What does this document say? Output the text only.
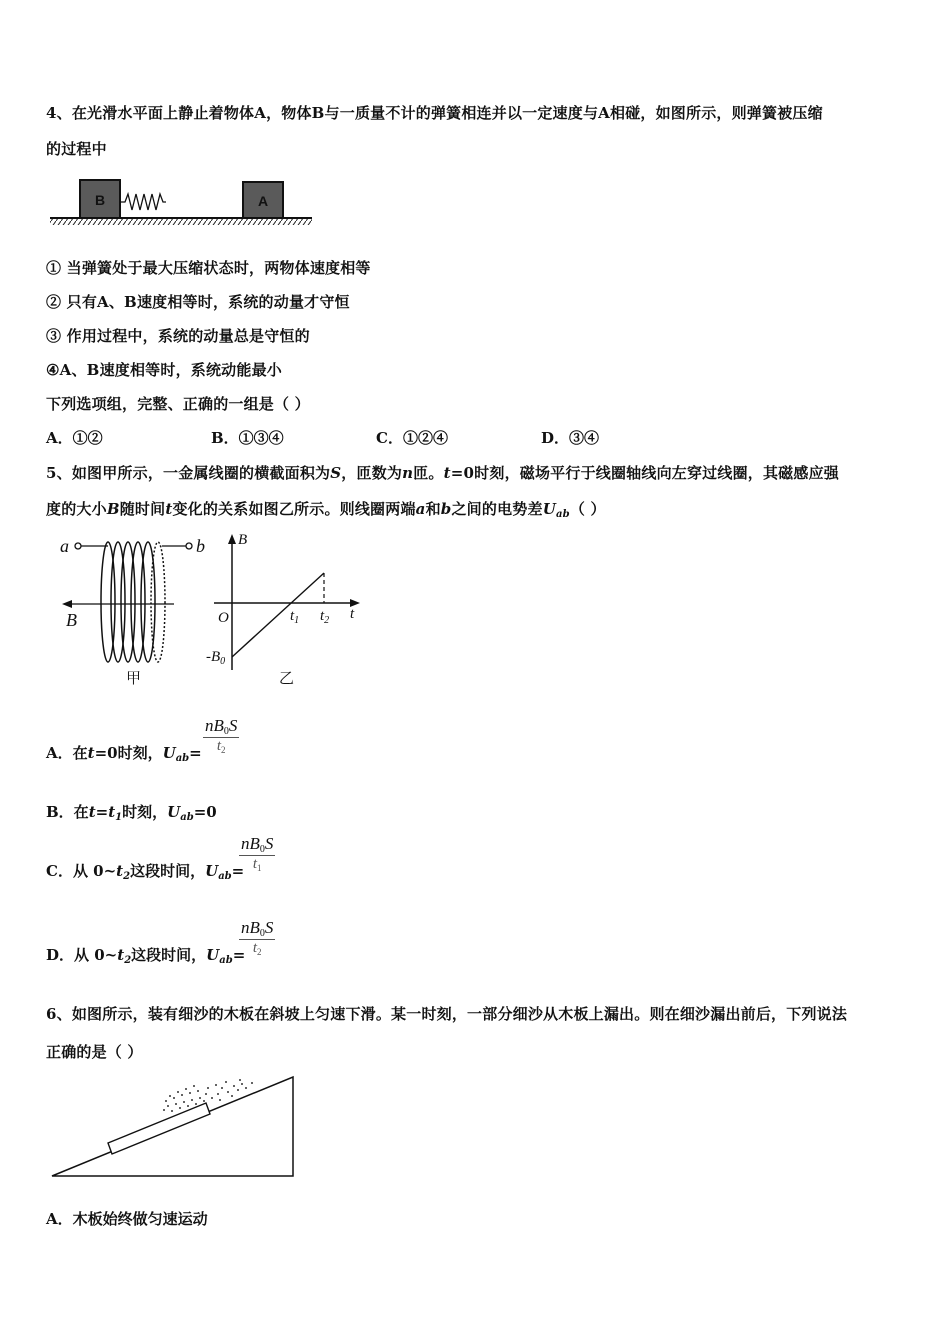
4、在光滑水平面上静止着物体A，物体B与一质量不计的弹簧相连并以一定速度与A相碰，如图所示，则弹簧被压缩
的过程中
B	A
① 当弹簧处于最大压缩状态时，两物体速度相等
② 只有A、B速度相等时，系统的动量才守恒
③ 作用过程中，系统的动量总是守恒的
④A、B速度相等时，系统动能最小
下列选项组，完整、正确的一组是（ ）
A．①②	B．①③④	C．①②④	D．③④
5、如图甲所示，一金属线圈的横截面积为S，匝数为n匝。t=0时刻，磁场平行于线圈轴线向左穿过线圈，其磁感应强
度的大小B随时间t变化的关系如图乙所示。则线圈两端a和b之间的电势差$U_{ab}$（ ）
a	b
B
甲
B
t
O
$-B_0$
$t_1$ $t_2$
乙
A．在t=0时刻，$U_{ab}= \frac{nB0S}{t_2}$
B．在$t=t_1$时刻，$U_{ab}=0$
C．从 $0\sim t_2$这段时间，$U_{ab}=$
$\frac{nB0S}{t_1}$
D．从 $0\sim t_2$这段时间，$U_{ab}=$
$\frac{nB0S}{t_2}$
6、如图所示，装有细沙的木板在斜坡上匀速下滑。某一时刻，一部分细沙从木板上漏出。则在细沙漏出前后，下列说法
正确的是（ ）
A．木板始终做匀速运动
